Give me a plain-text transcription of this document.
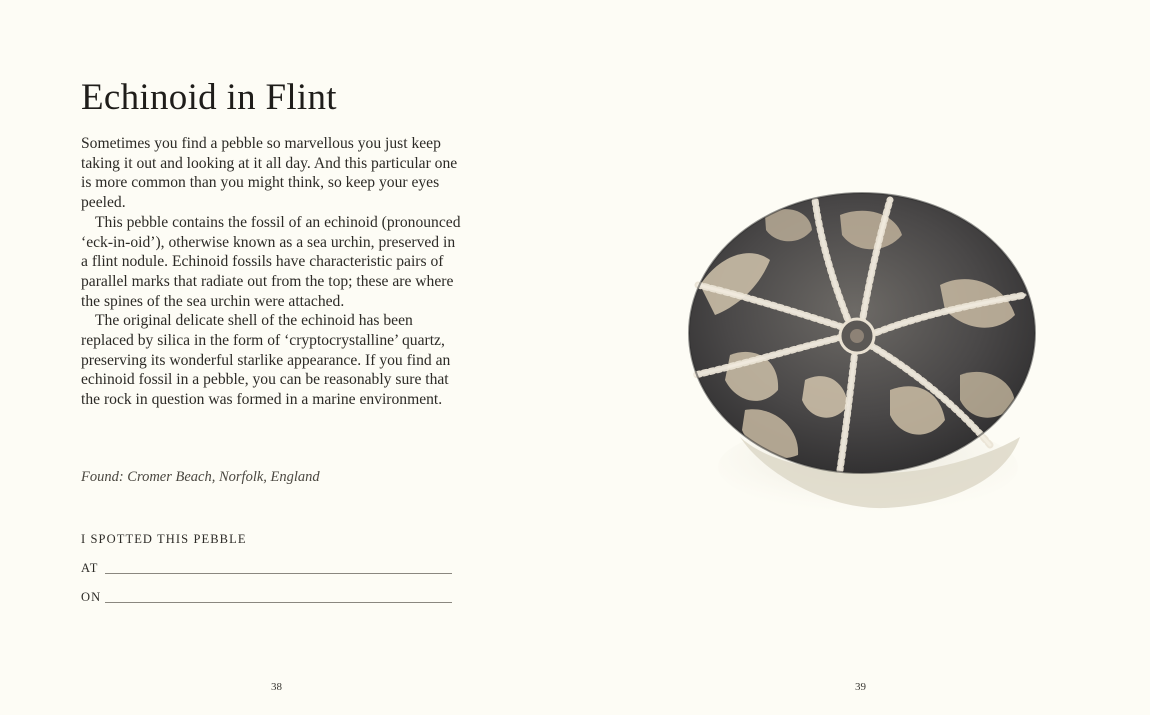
Echinoid in Flint

Sometimes you find a pebble so marvellous you just keep taking it out and looking at it all day. And this particular one is more common than you might think, so keep your eyes peeled.

This pebble contains the fossil of an echinoid (pronounced ‘eck-in-oid’), otherwise known as a sea urchin, preserved in a flint nodule. Echinoid fossils have characteristic pairs of parallel marks that radiate out from the top; these are where the spines of the sea urchin were attached.

The original delicate shell of the echinoid has been replaced by silica in the form of ‘cryptocrystalline’ quartz, preserving its wonderful starlike appearance. If you find an echinoid fossil in a pebble, you can be reasonably sure that the rock in question was formed in a marine environment.

Found: Cromer Beach, Norfolk, England
I SPOTTED THIS PEBBLE
AT
ON
38	39
